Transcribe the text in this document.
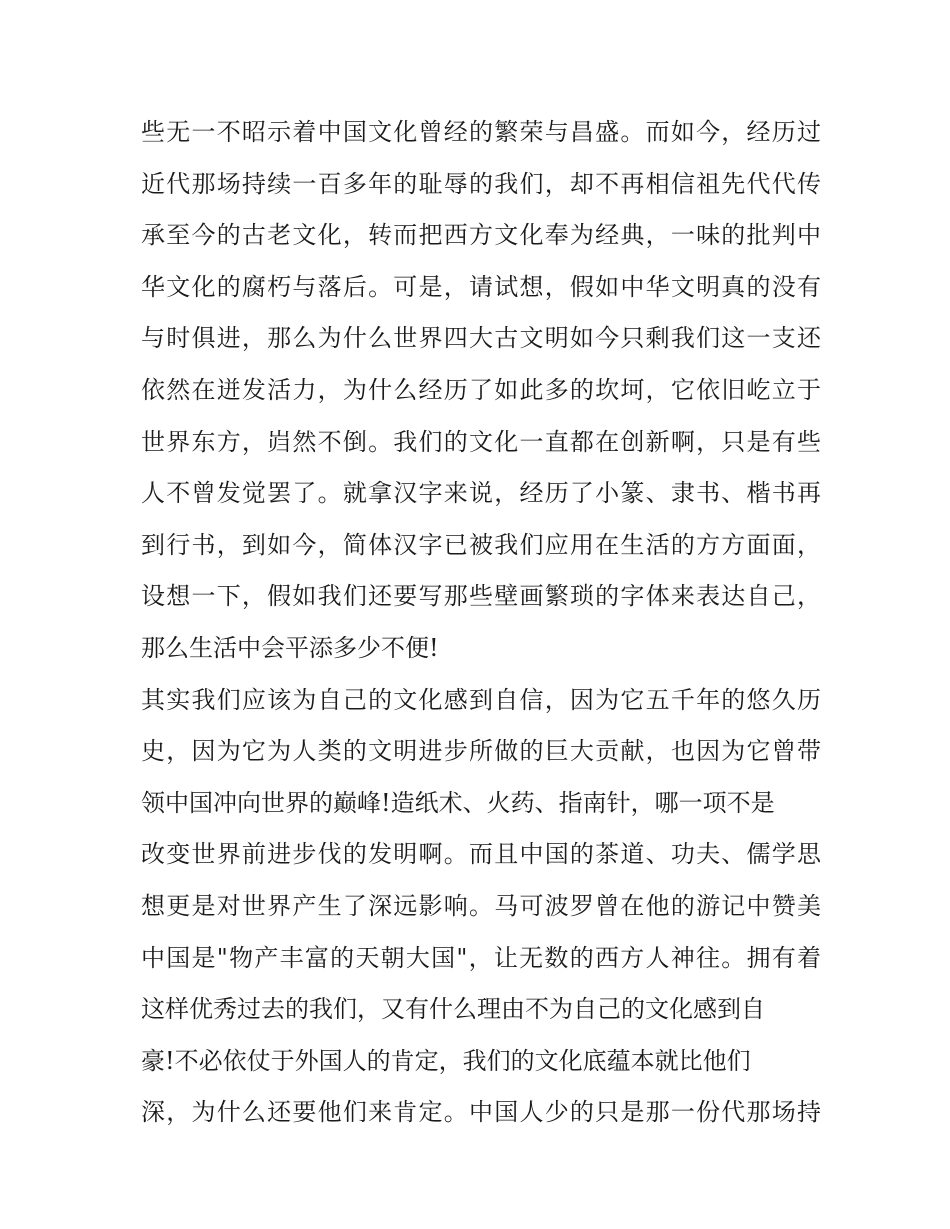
些无一不昭示着中国文化曾经的繁荣与昌盛。而如今，经历过
近代那场持续一百多年的耻辱的我们，却不再相信祖先代代传
承至今的古老文化，转而把西方文化奉为经典，一味的批判中
华文化的腐朽与落后。可是，请试想，假如中华文明真的没有
与时俱进，那么为什么世界四大古文明如今只剩我们这一支还
依然在迸发活力，为什么经历了如此多的坎坷，它依旧屹立于
世界东方，岿然不倒。我们的文化一直都在创新啊，只是有些
人不曾发觉罢了。就拿汉字来说，经历了小篆、隶书、楷书再
到行书，到如今，简体汉字已被我们应用在生活的方方面面，
设想一下，假如我们还要写那些壁画繁琐的字体来表达自己，
那么生活中会平添多少不便!
其实我们应该为自己的文化感到自信，因为它五千年的悠久历
史，因为它为人类的文明进步所做的巨大贡献，也因为它曾带
领中国冲向世界的巅峰!造纸术、火药、指南针，哪一项不是
改变世界前进步伐的发明啊。而且中国的茶道、功夫、儒学思
想更是对世界产生了深远影响。马可波罗曾在他的游记中赞美
中国是"物产丰富的天朝大国"，让无数的西方人神往。拥有着
这样优秀过去的我们，又有什么理由不为自己的文化感到自
豪!不必依仗于外国人的肯定，我们的文化底蕴本就比他们
深，为什么还要他们来肯定。中国人少的只是那一份代那场持
